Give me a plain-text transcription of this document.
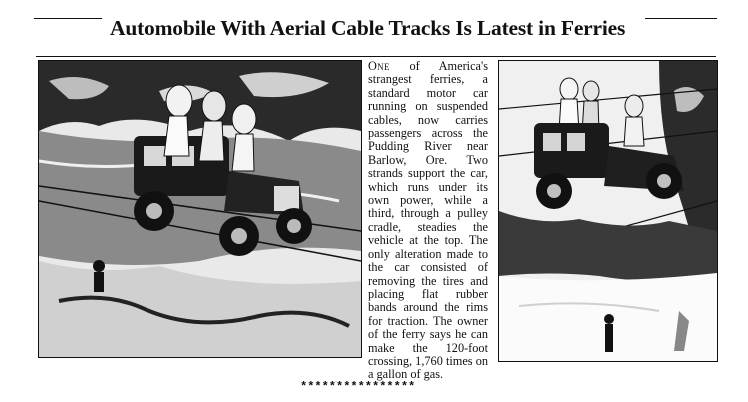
Automobile With Aerial Cable Tracks Is Latest in Ferries
One of America's strangest ferries, a standard motor car running on suspended cables, now carries passengers across the Pudding River near Barlow, Ore. Two strands support the car, which runs under its own power, while a third, through a pulley cradle, steadies the vehicle at the top. The only alteration made to the car consisted of removing the tires and placing flat rubber bands around the rims for traction. The owner of the ferry says he can make the 120-foot crossing, 1,760 times on a gallon of gas.
****************
